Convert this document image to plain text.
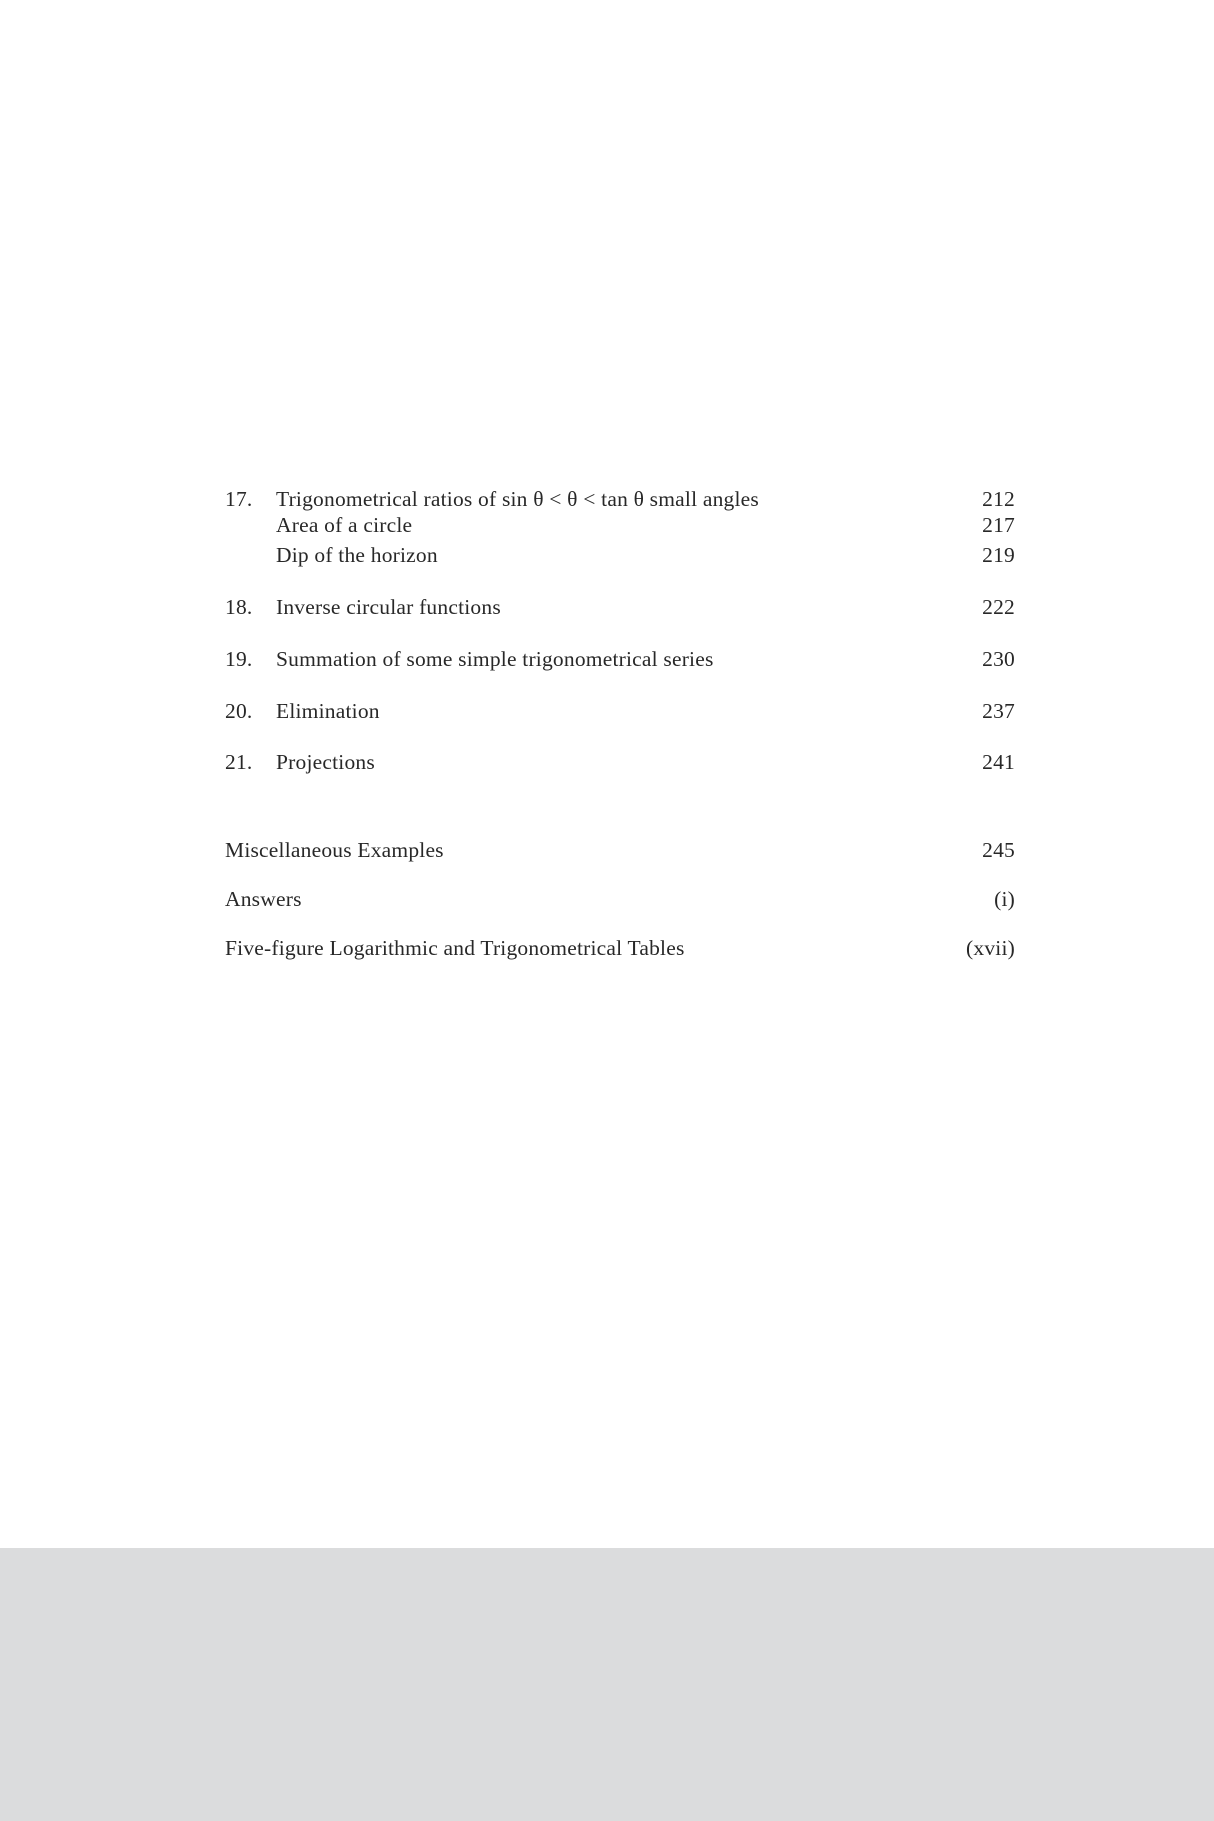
17.	Trigonometrical ratios of sin θ < θ < tan θ small angles	212
Area of a circle	217
Dip of the horizon	219
18.	Inverse circular functions	222
19.	Summation of some simple trigonometrical series	230
20.	Elimination	237
21.	Projections	241
Miscellaneous Examples	245
Answers	(i)
Five-figure Logarithmic and Trigonometrical Tables	(xvii)
